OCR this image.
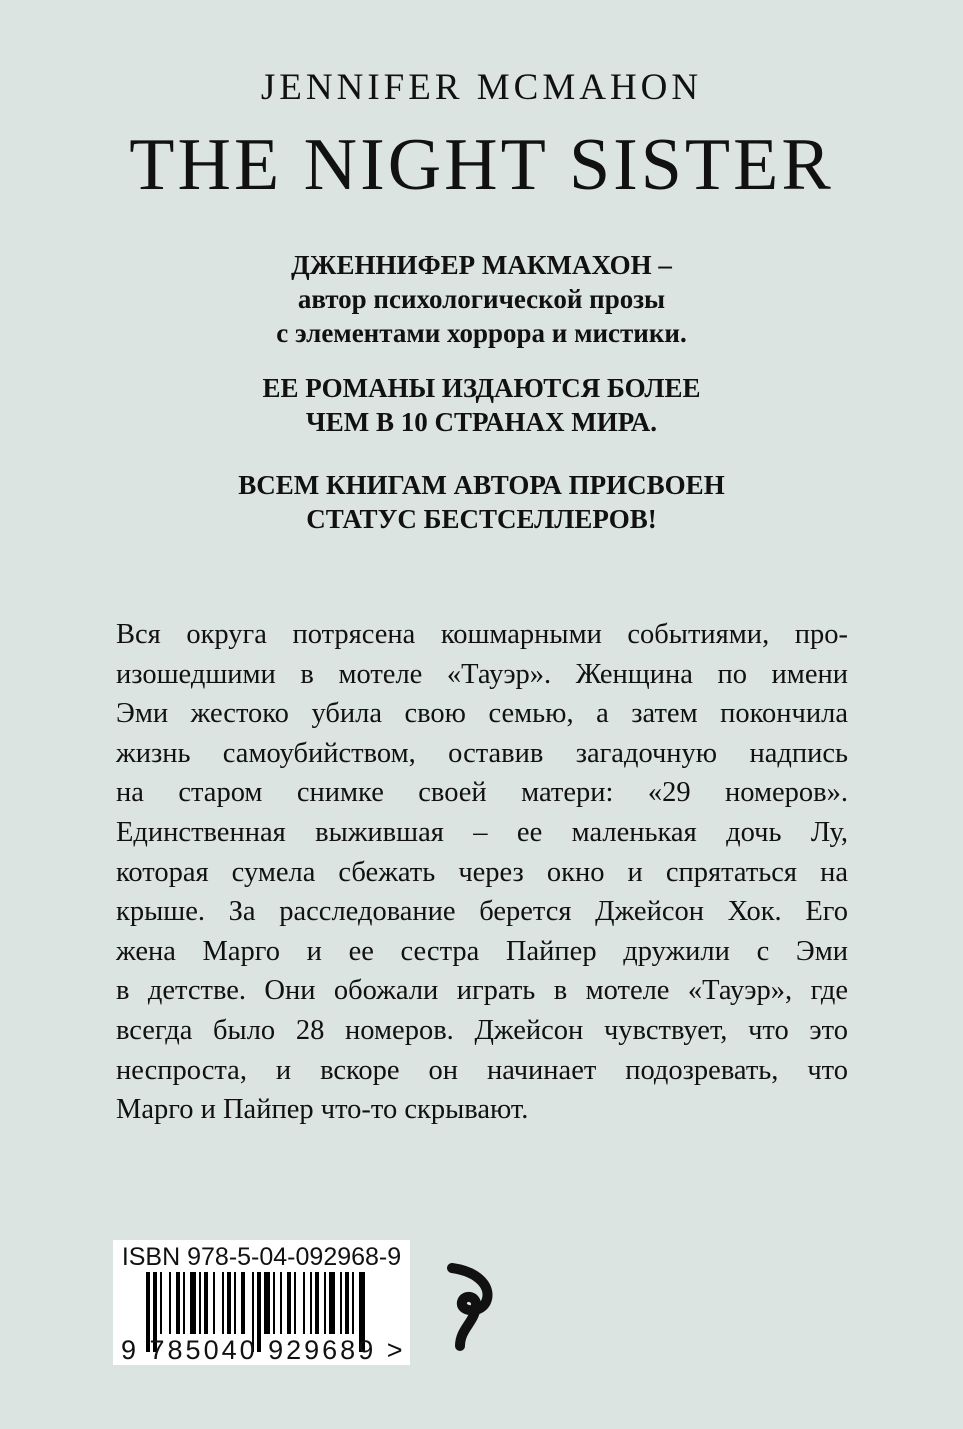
JENNIFER MCMAHON
THE NIGHT SISTER
ДЖЕННИФЕР МАКМАХОН –
автор психологической прозы
с элементами хоррора и мистики.
ЕЕ РОМАНЫ ИЗДАЮТСЯ БОЛЕЕ
ЧЕМ В 10 СТРАНАХ МИРА.
ВСЕМ КНИГАМ АВТОРА ПРИСВОЕН
СТАТУС БЕСТСЕЛЛЕРОВ!
Вся округа потрясена кошмарными событиями, про-
изошедшими в мотеле «Тауэр». Женщина по имени
Эми жестоко убила свою семью, а затем покончила
жизнь самоубийством, оставив загадочную надпись
на старом снимке своей матери: «29 номеров».
Единственная выжившая – ее маленькая дочь Лу,
которая сумела сбежать через окно и спрятаться на
крыше. За расследование берется Джейсон Хок. Его
жена Марго и ее сестра Пайпер дружили с Эми
в детстве. Они обожали играть в мотеле «Тауэр», где
всегда было 28 номеров. Джейсон чувствует, что это
неспроста, и вскоре он начинает подозревать, что
Марго и Пайпер что-то скрывают.
ISBN 978-5-04-092968-9
9 785040 929689 >
